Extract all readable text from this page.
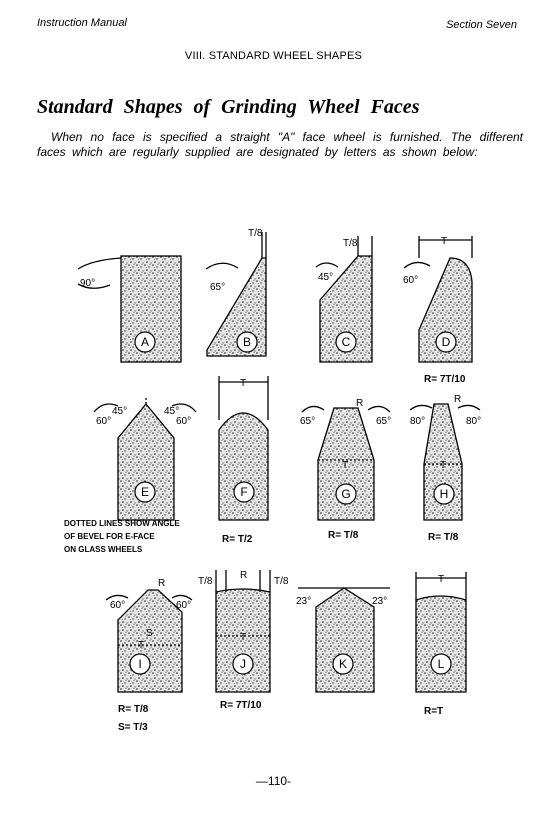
Instruction Manual	Section Seven
VIII. STANDARD WHEEL SHAPES
Standard Shapes of Grinding Wheel Faces
When no face is specified a straight "A" face wheel is furnished. The different faces which are regularly supplied are designated by letters as shown below:
A	B	C	D
E	F	G	H
I	J	K	L
90°	65°
45°	60°
60°
45°	45°
60°	65°	65° 80°	80°
60°	60°	23°	23°
T/8
T/8	T
T
R
T
R
T
R
S
T
T/8
R
T/8
T
T
R= 7T/10
R= T/2	R= T/8	R= T/8
R= T/8
S= T/3
R= 7T/10
R=T
DOTTED LINES SHOW ANGLE
OF BEVEL FOR E-FACE
ON GLASS WHEELS
—110-
